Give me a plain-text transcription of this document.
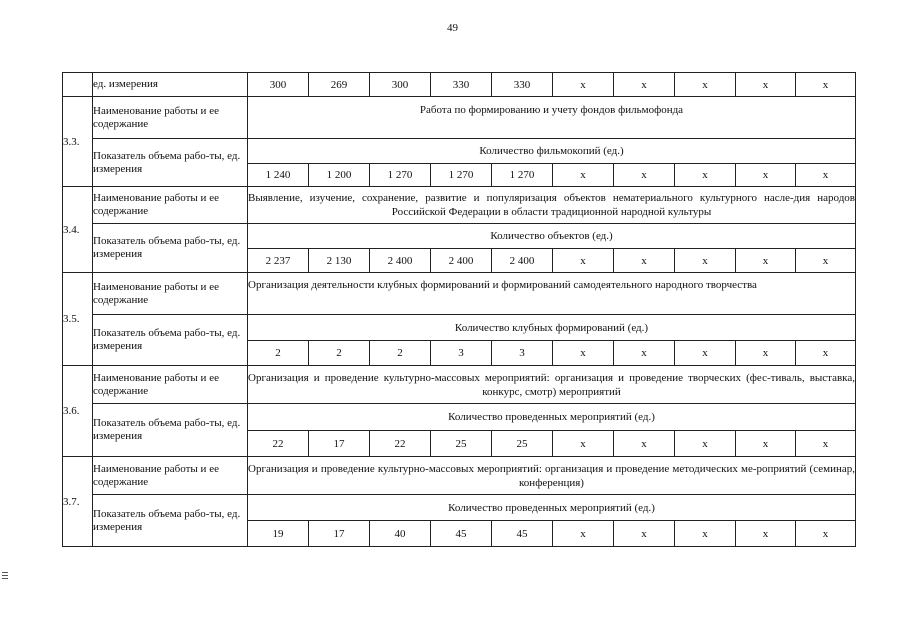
49
	ед. измерения	300	269	300	330	330	x	x	x	x	x
3.3.	Наименование работы и ее содержание	Работа по формированию и учету фондов фильмофонда									
	Показатель объема рабо-ты, ед. измерения	Количество фильмокопий (ед.)									
		1 240	1 200	1 270	1 270	1 270	x	x	x	x	x
3.4.	Наименование работы и ее содержание	Выявление, изучение, сохранение, развитие и популяризация объектов нематериального культурного насле-дия народов Российской Федерации в области традиционной народной культуры									
	Показатель объема рабо-ты, ед. измерения	Количество объектов (ед.)									
		2 237	2 130	2 400	2 400	2 400	x	x	x	x	x
3.5.	Наименование работы и ее содержание	Организация деятельности клубных формирований и формирований самодеятельного народного творчества									
	Показатель объема рабо-ты, ед. измерения	Количество клубных формирований (ед.)									
		2	2	2	3	3	x	x	x	x	x
3.6.	Наименование работы и ее содержание	Организация и проведение культурно-массовых мероприятий: организация и проведение творческих (фес-тиваль, выставка, конкурс, смотр) мероприятий									
	Показатель объема рабо-ты, ед. измерения	Количество проведенных мероприятий (ед.)									
		22	17	22	25	25	x	x	x	x	x
3.7.	Наименование работы и ее содержание	Организация и проведение культурно-массовых мероприятий: организация и проведение методических ме-роприятий (семинар, конференция)									
	Показатель объема рабо-ты, ед. измерения	Количество проведенных мероприятий (ед.)									
		19	17	40	45	45	x	x	x	x	x
